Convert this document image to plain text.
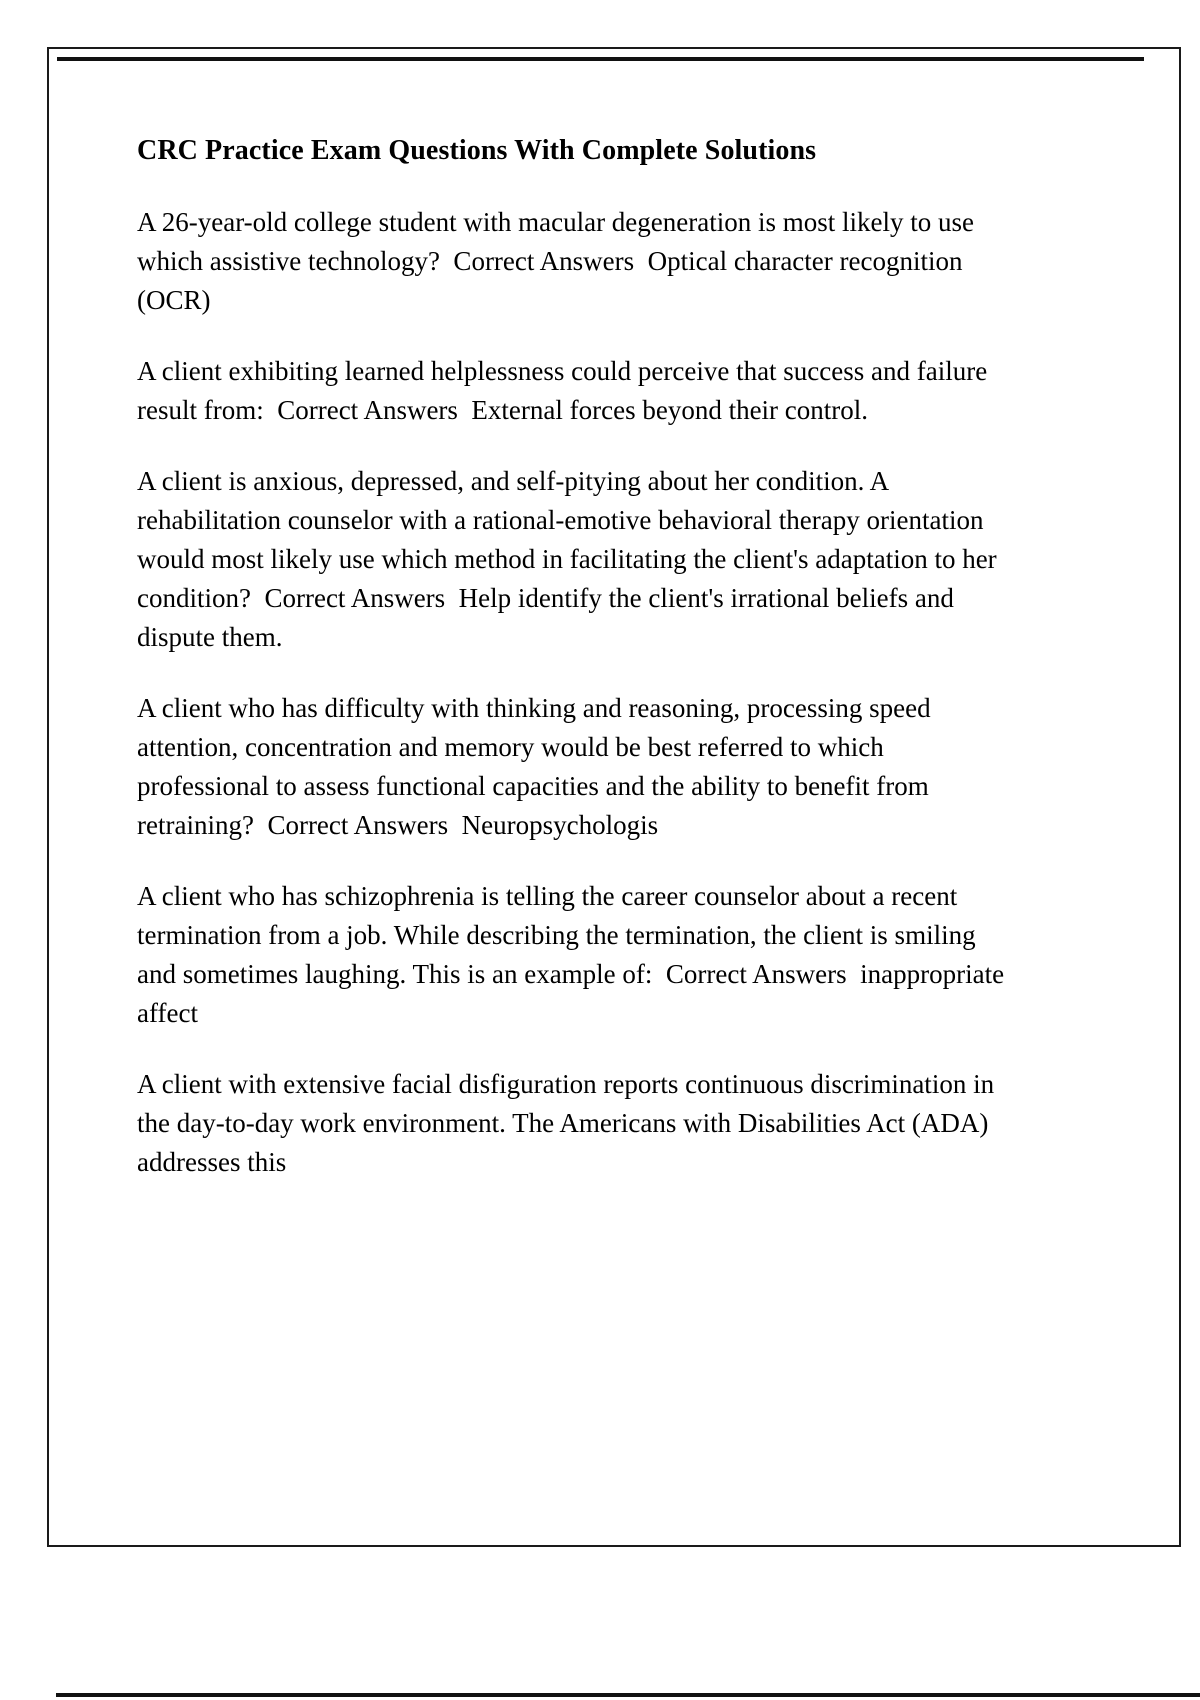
CRC Practice Exam Questions With Complete Solutions

A 26-year-old college student with macular degeneration is most likely to use which assistive technology?  Correct Answers  Optical character recognition (OCR)

A client exhibiting learned helplessness could perceive that success and failure result from:  Correct Answers  External forces beyond their control.

A client is anxious, depressed, and self-pitying about her condition. A rehabilitation counselor with a rational-emotive behavioral therapy orientation would most likely use which method in facilitating the client's adaptation to her condition?  Correct Answers  Help identify the client's irrational beliefs and dispute them.

A client who has difficulty with thinking and reasoning, processing speed attention, concentration and memory would be best referred to which professional to assess functional capacities and the ability to benefit from retraining?  Correct Answers  Neuropsychologis

A client who has schizophrenia is telling the career counselor about a recent termination from a job. While describing the termination, the client is smiling and sometimes laughing. This is an example of:  Correct Answers  inappropriate affect

A client with extensive facial disfiguration reports continuous discrimination in the day-to-day work environment. The Americans with Disabilities Act (ADA) addresses this
